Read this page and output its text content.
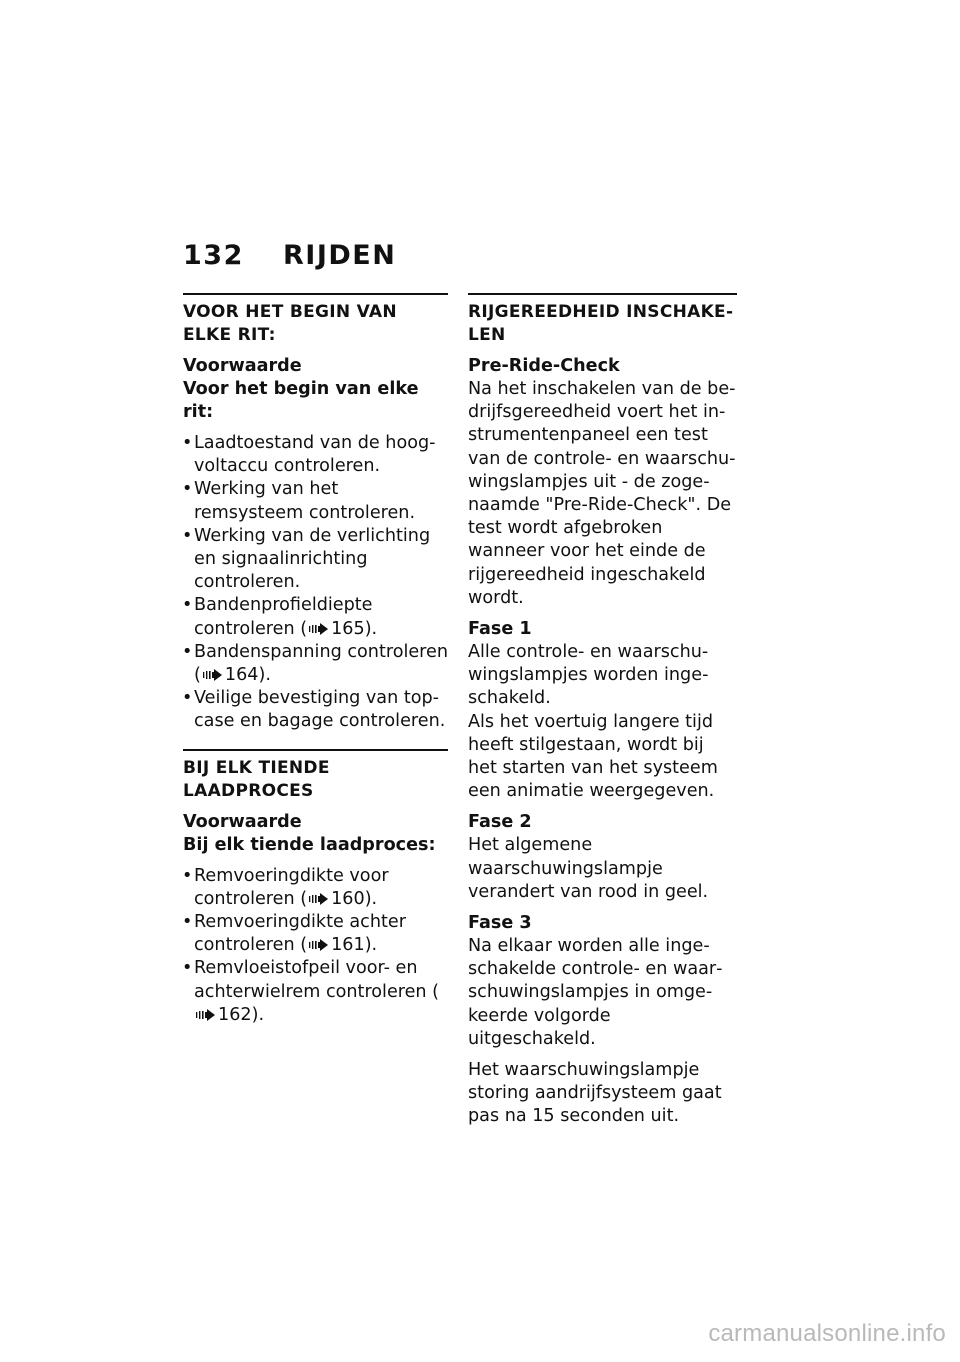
132 RIJDEN
VOOR HET BEGIN VAN ELKE RIT:
Voorwaarde
Voor het begin van elke rit:
• Laadtoestand van de hoogvoltaccu controleren.
• Werking van het remsysteem controleren.
• Werking van de verlichting en signaalinrichting controleren.
• Bandenprofieldiepte controleren ( 165).
• Bandenspanning controleren ( 164).
• Veilige bevestiging van topcase en bagage controleren.
BIJ ELK TIENDE
LAADPROCES
Voorwaarde
Bij elk tiende laadproces:
• Remvoeringdikte voor controleren ( 160).
• Remvoeringdikte achter controleren ( 161).
• Remvloeistofpeil voor- en achterwielrem controleren (162).
RIJGEREEDHEID INSCHAKELEN
Pre-Ride-Check
Na het inschakelen van de bedrijfsgereedheid voert het instrumentenpaneel een test van de controle- en waarschuwingslampjes uit - de zogenaamde "Pre-Ride-Check". De test wordt afgebroken wanneer voor het einde de rijgereedheid ingeschakeld wordt.
Fase 1
Alle controle- en waarschuwingslampjes worden ingeschakeld.
Als het voertuig langere tijd heeft stilgestaan, wordt bij het starten van het systeem een animatie weergegeven.
Fase 2
Het algemene waarschuwingslampje verandert van rood in geel.
Fase 3
Na elkaar worden alle ingeschakelde controle- en waarschuwingslampjes in omgekeerde volgorde uitgeschakeld.
Het waarschuwingslampje storing aandrijfsysteem gaat pas na 15 seconden uit.
carmanualsonline.info
